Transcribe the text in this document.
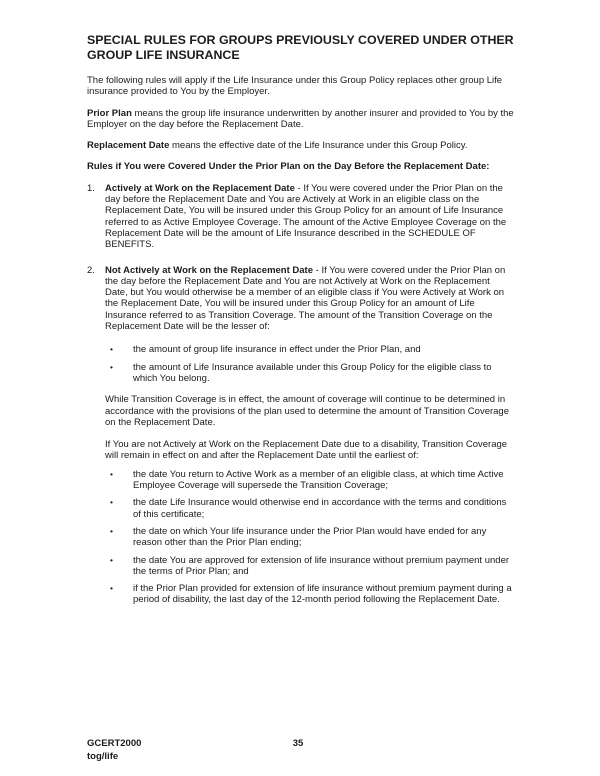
SPECIAL RULES FOR GROUPS PREVIOUSLY COVERED UNDER OTHER GROUP LIFE INSURANCE

The following rules will apply if the Life Insurance under this Group Policy replaces other group Life insurance provided to You by the Employer.

Prior Plan means the group life insurance underwritten by another insurer and provided to You by the Employer on the day before the Replacement Date.

Replacement Date means the effective date of the Life Insurance under this Group Policy.

Rules if You were Covered Under the Prior Plan on the Day Before the Replacement Date:

1.	Actively at Work on the Replacement Date - If You were covered under the Prior Plan on the day before the Replacement Date and You are Actively at Work in an eligible class on the Replacement Date, You will be insured under this Group Policy for an amount of Life Insurance referred to as Active Employee Coverage. The amount of the Active Employee Coverage on the Replacement Date will be the amount of Life Insurance described in the SCHEDULE OF BENEFITS.
2.	Not Actively at Work on the Replacement Date - If You were covered under the Prior Plan on the day before the Replacement Date and You are not Actively at Work on the Replacement Date, but You would otherwise be a member of an eligible class if You were Actively at Work on the Replacement Date, You will be insured under this Group Policy for an amount of Life Insurance referred to as Transition Coverage. The amount of the Transition Coverage on the Replacement Date will be the lesser of:
•	the amount of group life insurance in effect under the Prior Plan, and
•	the amount of Life Insurance available under this Group Policy for the eligible class to which You belong.

While Transition Coverage is in effect, the amount of coverage will continue to be determined in accordance with the provisions of the plan used to determine the amount of Transition Coverage on the Replacement Date.

If You are not Actively at Work on the Replacement Date due to a disability, Transition Coverage will remain in effect on and after the Replacement Date until the earliest of:

•	the date You return to Active Work as a member of an eligible class, at which time Active Employee Coverage will supersede the Transition Coverage;
•	the date Life Insurance would otherwise end in accordance with the terms and conditions of this certificate;
•	the date on which Your life insurance under the Prior Plan would have ended for any reason other than the Prior Plan ending;
•	the date You are approved for extension of life insurance without premium payment under the terms of Prior Plan; and
•	if the Prior Plan provided for extension of life insurance without premium payment during a period of disability, the last day of the 12-month period following the Replacement Date.
GCERT2000
tog/life
35
